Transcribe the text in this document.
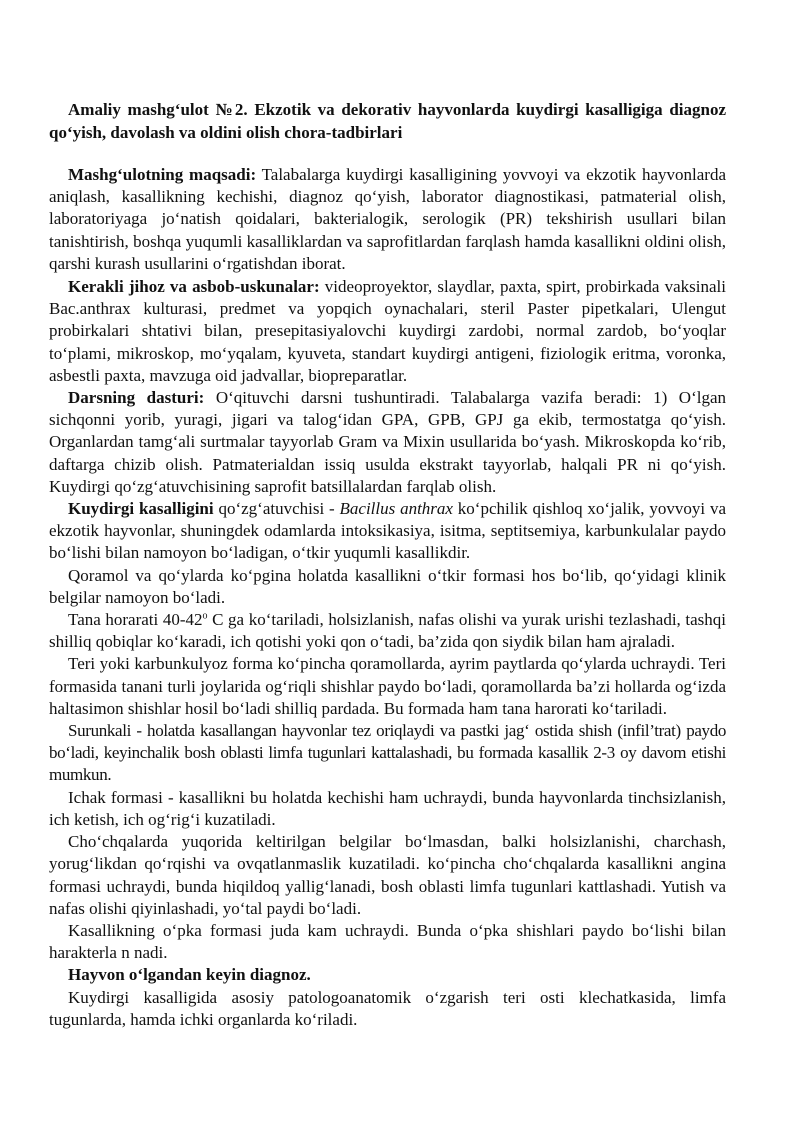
Amaliy mashg‘ulot №2. Ekzotik va dekorativ hayvonlarda kuydirgi kasalligiga diagnoz qo‘yish, davolash va oldini olish chora-tadbirlari

Mashg‘ulotning maqsadi: Talabalarga kuydirgi kasalligining yovvoyi va ekzotik hayvonlarda aniqlash, kasallikning kechishi, diagnoz qo‘yish, laborator diagnostikasi, patmaterial olish, laboratoriyaga jo‘natish qoidalari, bakterialogik, serologik (PR) tekshirish usullari bilan tanishtirish, boshqa yuqumli kasalliklardan va saprofitlardan farqlash hamda kasallikni oldini olish, qarshi kurash usullarini o‘rgatishdan iborat.

Kerakli jihoz va asbob-uskunalar: videoproyektor, slaydlar, paxta, spirt, probirkada vaksinali Bac.anthrax kulturasi, predmet va yopqich oynachalari, steril Paster pipetkalari, Ulengut probirkalari shtativi bilan, presepitasiyalovchi kuydirgi zardobi, normal zardob, bo‘yoqlar to‘plami, mikroskop, mo‘yqalam, kyuveta, standart kuydirgi antigeni, fiziologik eritma, voronka, asbestli paxta, mavzuga oid jadvallar, biopreparatlar.

Darsning dasturi: O‘qituvchi darsni tushuntiradi. Talabalarga vazifa beradi: 1) O‘lgan sichqonni yorib, yuragi, jigari va talog‘idan GPA, GPB, GPJ ga ekib, termostatga qo‘yish. Organlardan tamg‘ali surtmalar tayyorlab Gram va Mixin usullarida bo‘yash. Mikroskopda ko‘rib, daftarga chizib olish. Patmaterialdan issiq usulda ekstrakt tayyorlab, halqali PR ni qo‘yish. Kuydirgi qo‘zg‘atuvchisining saprofit batsillalardan farqlab olish.

Kuydirgi kasalligini qo‘zg‘atuvchisi - Bacillus anthrax ko‘pchilik qishloq xo‘jalik, yovvoyi va ekzotik hayvonlar, shuningdek odamlarda intoksikasiya, isitma, septitsemiya, karbunkulalar paydo bo‘lishi bilan namoyon bo‘ladigan, o‘tkir yuqumli kasallikdir.

Qoramol va qo‘ylarda ko‘pgina holatda kasallikni o‘tkir formasi hos bo‘lib, qo‘yidagi klinik belgilar namoyon bo‘ladi.

Tana horarati 40-42$^o$ C ga ko‘tariladi, holsizlanish, nafas olishi va yurak urishi tezlashadi, tashqi shilliq qobiqlar ko‘karadi, ich qotishi yoki qon o‘tadi, ba’zida qon siydik bilan ham ajraladi.

Teri yoki karbunkulyoz forma ko‘pincha qoramollarda, ayrim paytlarda qo‘ylarda uchraydi. Teri formasida tanani turli joylarida og‘riqli shishlar paydo bo‘ladi, qoramollarda ba’zi hollarda og‘izda haltasimon shishlar hosil bo‘ladi shilliq pardada. Bu formada ham tana harorati ko‘tariladi.

Surunkali - holatda kasallangan hayvonlar tez oriqlaydi va pastki jag‘ ostida shish (infil’trat) paydo bo‘ladi, keyinchalik bosh oblasti limfa tugunlari kattalashadi, bu formada kasallik 2-3 oy davom etishi mumkun.

Ichak formasi - kasallikni bu holatda kechishi ham uchraydi, bunda hayvonlarda tinchsizlanish, ich ketish, ich og‘rig‘i kuzatiladi.

Cho‘chqalarda yuqorida keltirilgan belgilar bo‘lmasdan, balki holsizlanishi, charchash, yorug‘likdan qo‘rqishi va ovqatlanmaslik kuzatiladi. ko‘pincha cho‘chqalarda kasallikni angina formasi uchraydi, bunda hiqildoq yallig‘lanadi, bosh oblasti limfa tugunlari kattlashadi. Yutish va nafas olishi qiyinlashadi, yo‘tal paydi bo‘ladi.

Kasallikning o‘pka formasi juda kam uchraydi. Bunda o‘pka shishlari paydo bo‘lishi bilan harakterla n nadi.

Hayvon o‘lgandan keyin diagnoz.

Kuydirgi kasalligida asosiy patologoanatomik o‘zgarish teri osti klechatkasida, limfa tugunlarda, hamda ichki organlarda ko‘riladi.
